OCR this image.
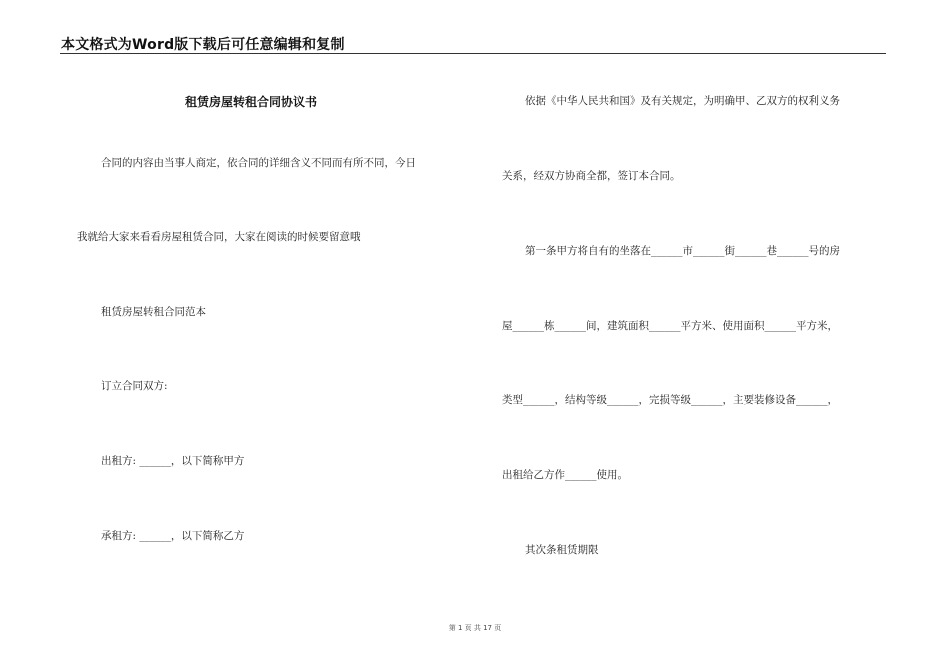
本文格式为Word版下载后可任意编辑和复制
租赁房屋转租合同协议书
合同的内容由当事人商定，依合同的详细含义不同而有所不同，今日
我就给大家来看看房屋租赁合同，大家在阅读的时候要留意哦
租赁房屋转租合同范本
订立合同双方:
出租方: ______，以下简称甲方
承租方: ______，以下简称乙方
依据《中华人民共和国》及有关规定，为明确甲、乙双方的权利义务
关系，经双方协商全都，签订本合同。
第一条甲方将自有的坐落在______市______街______巷______号的房
屋______栋______间，建筑面积______平方米、使用面积______平方米，
类型______，结构等级______，完损等级______，主要装修设备______，
出租给乙方作______使用。
其次条租赁期限
第 1 页 共 17 页
